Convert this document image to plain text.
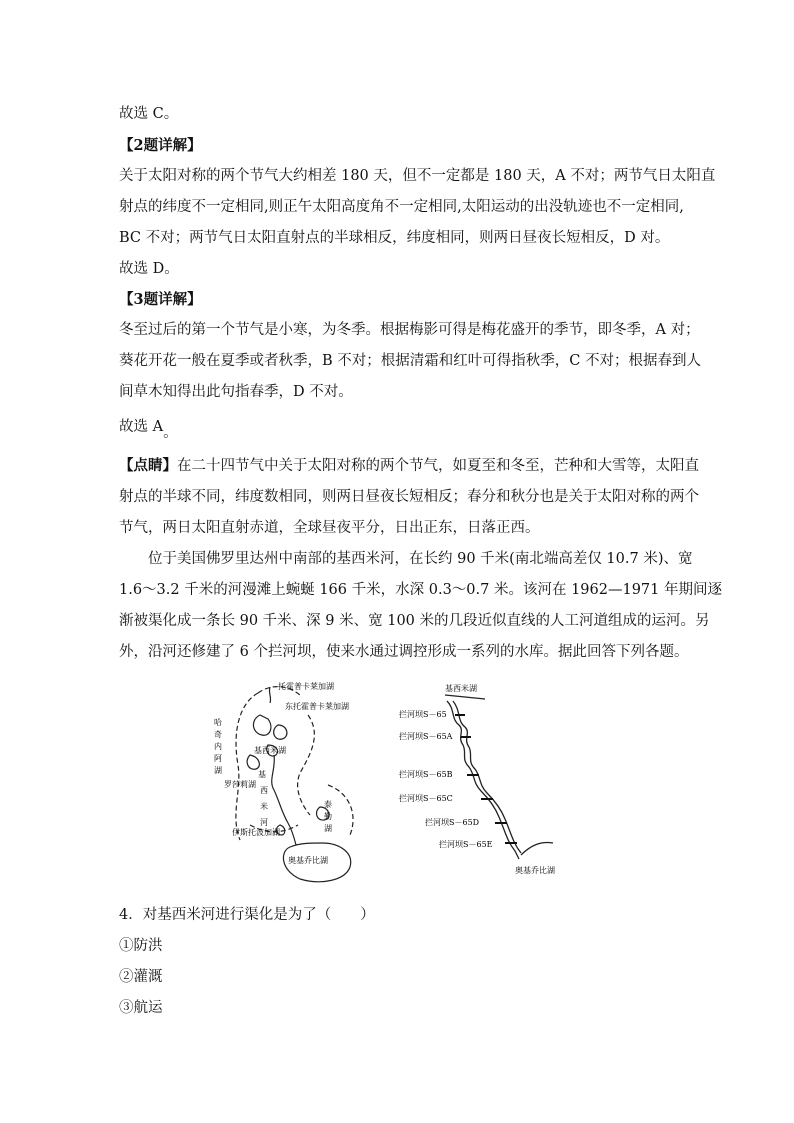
故选 C。
【2题详解】
关于太阳对称的两个节气大约相差 180 天，但不一定都是 180 天，A 不对；两节气日太阳直
射点的纬度不一定相同,则正午太阳高度角不一定相同,太阳运动的出没轨迹也不一定相同,
BC 不对；两节气日太阳直射点的半球相反，纬度相同，则两日昼夜长短相反，D 对。
故选 D。
【3题详解】
冬至过后的第一个节气是小寒，为冬季。根据梅影可得是梅花盛开的季节，即冬季，A 对；
葵花开花一般在夏季或者秋季，B 不对；根据清霜和红叶可得指秋季，C 不对；根据春到人
间草木知得出此句指春季，D 不对。
故选 A。
【点睛】在二十四节气中关于太阳对称的两个节气，如夏至和冬至，芒种和大雪等，太阳直
射点的半球不同，纬度数相同，则两日昼夜长短相反；春分和秋分也是关于太阳对称的两个
节气，两日太阳直射赤道，全球昼夜平分，日出正东，日落正西。
位于美国佛罗里达州中南部的基西米河，在长约 90 千米(南北端高差仅 10.7 米)、宽
1.6～3.2 千米的河漫滩上蜿蜒 166 千米，水深 0.3～0.7 米。该河在 1962—1971 年期间逐
渐被渠化成一条长 90 千米、深 9 米、宽 100 米的几段近似直线的人工河道组成的运河。另
外，沿河还修建了 6 个拦河坝，使来水通过调控形成一系列的水库。据此回答下列各题。
托霍普卡莱加湖
东托霍普卡莱加湖
哈
奇
内
阿
湖
基西米湖
罗莎莉湖
基
西
米
河
伊斯托波加湖
泰
勒
湖
奥基乔比湖
基西米湖
拦河坝S－65
拦河坝S－65A
拦河坝S－65B
拦河坝S－65C
拦河坝S－65D
拦河坝S－65E
奥基乔比湖
4．对基西米河进行渠化是为了（　　）
①防洪
②灌溉
③航运
